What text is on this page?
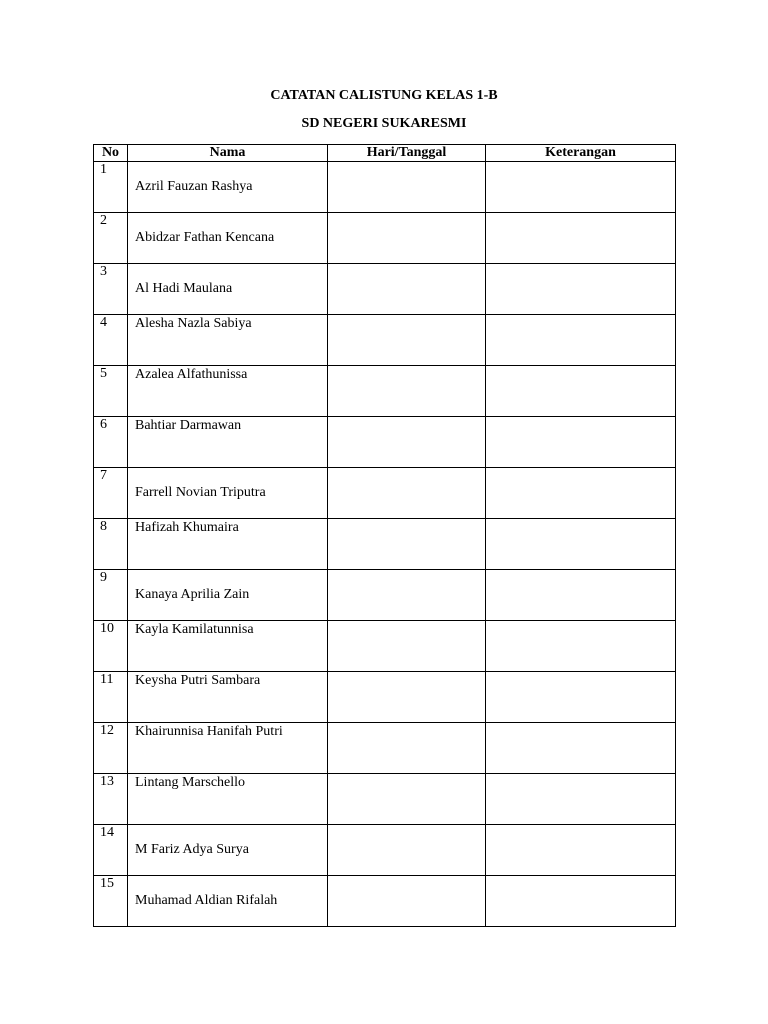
CATATAN CALISTUNG KELAS 1-B
SD NEGERI SUKARESMI
No	Nama	Hari/Tanggal	Keterangan

1	Azril Fauzan Rashya		

2	Abidzar Fathan Kencana		

3	Al Hadi Maulana		

4	Alesha Nazla Sabiya		

5	Azalea Alfathunissa		

6	Bahtiar Darmawan		

7	Farrell Novian Triputra		

8	Hafizah Khumaira		

9	Kanaya Aprilia Zain		

10	Kayla Kamilatunnisa		

11	Keysha Putri Sambara		

12	Khairunnisa Hanifah Putri		

13	Lintang Marschello		

14	M Fariz Adya Surya		

15	Muhamad Aldian Rifalah		
